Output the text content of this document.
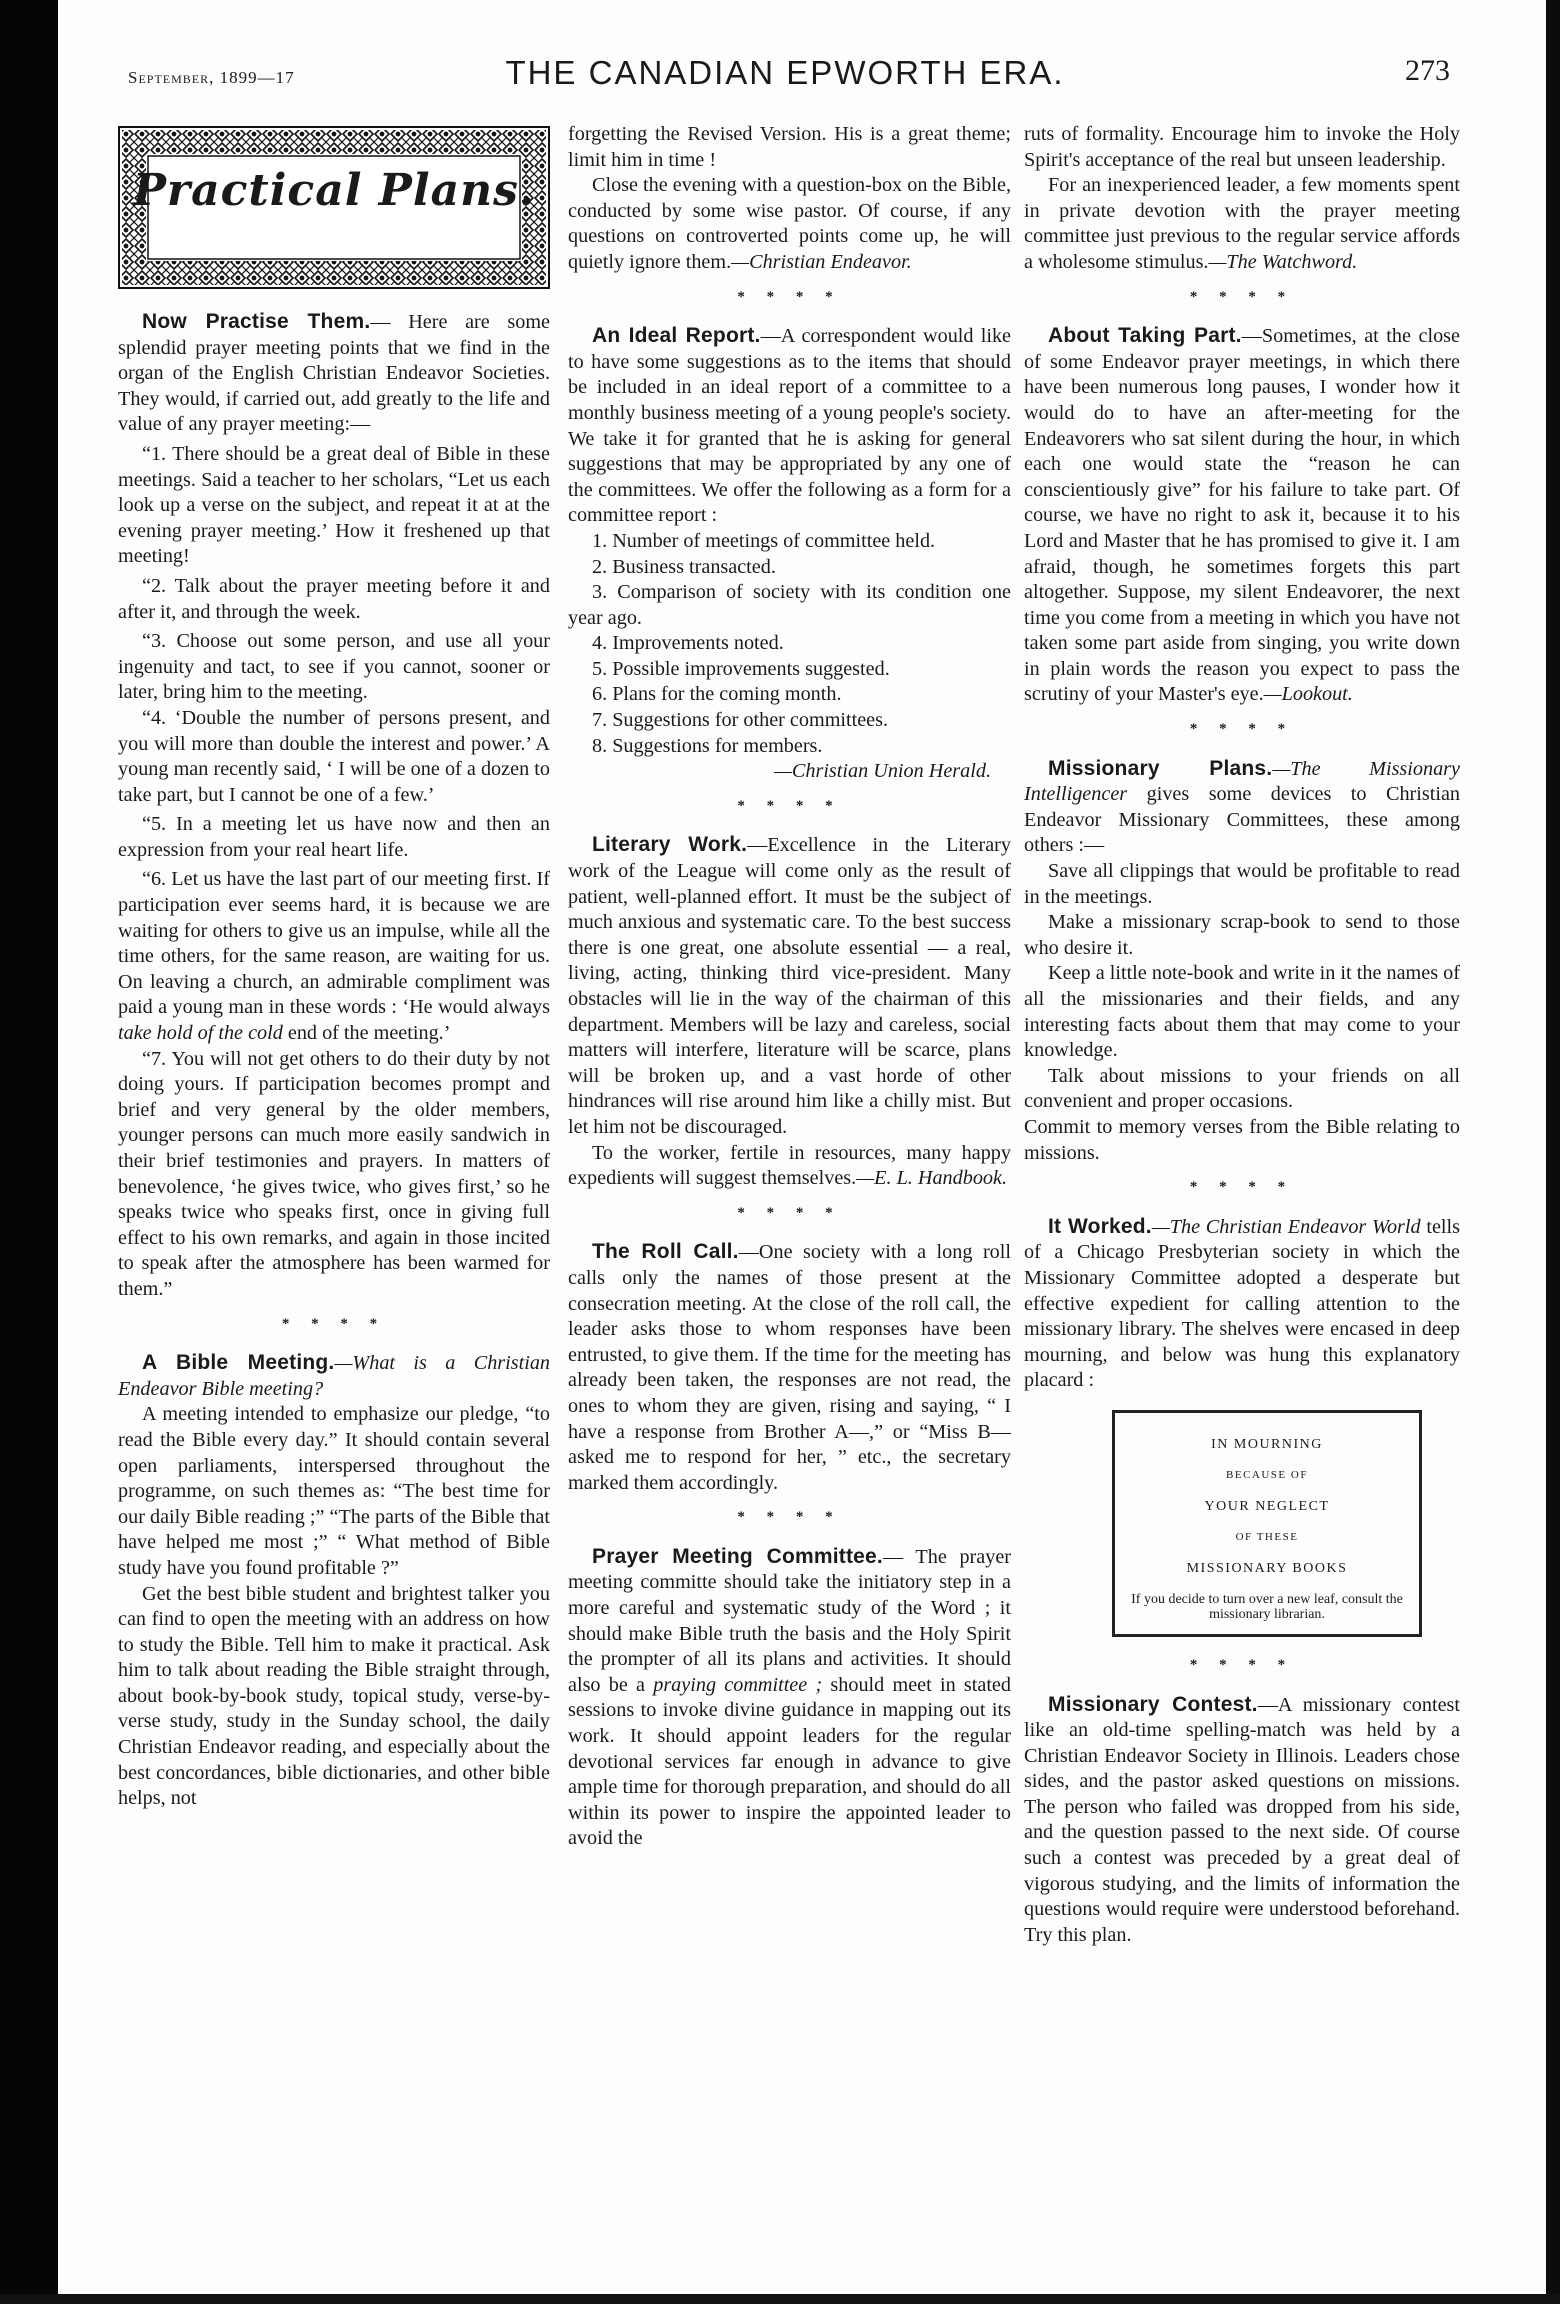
September, 1899—17	THE CANADIAN EPWORTH ERA.	273
Practical Plans.

Now Practise Them.— Here are some splendid prayer meeting points that we find in the organ of the English Christian Endeavor Societies. They would, if carried out, add greatly to the life and value of any prayer meeting:—

“1. There should be a great deal of Bible in these meetings. Said a teacher to her scholars, “Let us each look up a verse on the subject, and repeat it at at the evening prayer meeting.’ How it freshened up that meeting!

“2. Talk about the prayer meeting before it and after it, and through the week.

“3. Choose out some person, and use all your ingenuity and tact, to see if you cannot, sooner or later, bring him to the meeting.

“4. ‘Double the number of persons present, and you will more than double the interest and power.’ A young man recently said, ‘ I will be one of a dozen to take part, but I cannot be one of a few.’

“5. In a meeting let us have now and then an expression from your real heart life.

“6. Let us have the last part of our meeting first. If participation ever seems hard, it is because we are waiting for others to give us an impulse, while all the time others, for the same reason, are waiting for us. On leaving a church, an admirable compliment was paid a young man in these words : ‘He would always take hold of the cold end of the meeting.’

“7. You will not get others to do their duty by not doing yours. If participation becomes prompt and brief and very general by the older members, younger persons can much more easily sandwich in their brief testimonies and prayers. In matters of benevolence, ‘he gives twice, who gives first,’ so he speaks twice who speaks first, once in giving full effect to his own remarks, and again in those incited to speak after the atmosphere has been warmed for them.”

* * * *

A Bible Meeting.—What is a Christian Endeavor Bible meeting?

A meeting intended to emphasize our pledge, “to read the Bible every day.” It should contain several open parliaments, interspersed throughout the programme, on such themes as: “The best time for our daily Bible reading ;” “The parts of the Bible that have helped me most ;” “ What method of Bible study have you found profitable ?”

Get the best bible student and brightest talker you can find to open the meeting with an address on how to study the Bible. Tell him to make it practical. Ask him to talk about reading the Bible straight through, about book-by-book study, topical study, verse-by-verse study, study in the Sunday school, the daily Christian Endeavor reading, and especially about the best concordances, bible dictionaries, and other bible helps, not

forgetting the Revised Version. His is a great theme; limit him in time !

Close the evening with a question-box on the Bible, conducted by some wise pastor. Of course, if any questions on controverted points come up, he will quietly ignore them.—Christian Endeavor.

* * * *

An Ideal Report.—A correspondent would like to have some suggestions as to the items that should be included in an ideal report of a committee to a monthly business meeting of a young people's society. We take it for granted that he is asking for general suggestions that may be appropriated by any one of the committees. We offer the following as a form for a committee report :

1. Number of meetings of committee held.

2. Business transacted.

3. Comparison of society with its condition one year ago.

4. Improvements noted.

5. Possible improvements suggested.

6. Plans for the coming month.

7. Suggestions for other committees.

8. Suggestions for members.

—Christian Union Herald.
* * * *

Literary Work.—Excellence in the Literary work of the League will come only as the result of patient, well-planned effort. It must be the subject of much anxious and systematic care. To the best success there is one great, one absolute essential — a real, living, acting, thinking third vice-president. Many obstacles will lie in the way of the chairman of this department. Members will be lazy and careless, social matters will interfere, literature will be scarce, plans will be broken up, and a vast horde of other hindrances will rise around him like a chilly mist. But let him not be discouraged.

To the worker, fertile in resources, many happy expedients will suggest themselves.—E. L. Handbook.

* * * *

The Roll Call.—One society with a long roll calls only the names of those present at the consecration meeting. At the close of the roll call, the leader asks those to whom responses have been entrusted, to give them. If the time for the meeting has already been taken, the responses are not read, the ones to whom they are given, rising and saying, “ I have a response from Brother A—,” or “Miss B— asked me to respond for her, ” etc., the secretary marked them accordingly.

* * * *

Prayer Meeting Committee.— The prayer meeting committe should take the initiatory step in a more careful and systematic study of the Word ; it should make Bible truth the basis and the Holy Spirit the prompter of all its plans and activities. It should also be a praying committee ; should meet in stated sessions to invoke divine guidance in mapping out its work. It should appoint leaders for the regular devotional services far enough in advance to give ample time for thorough preparation, and should do all within its power to inspire the appointed leader to avoid the

ruts of formality. Encourage him to invoke the Holy Spirit's acceptance of the real but unseen leadership.

For an inexperienced leader, a few moments spent in private devotion with the prayer meeting committee just previous to the regular service affords a wholesome stimulus.—The Watchword.

* * * *

About Taking Part.—Sometimes, at the close of some Endeavor prayer meetings, in which there have been numerous long pauses, I wonder how it would do to have an after-meeting for the Endeavorers who sat silent during the hour, in which each one would state the “reason he can conscientiously give” for his failure to take part. Of course, we have no right to ask it, because it to his Lord and Master that he has promised to give it. I am afraid, though, he sometimes forgets this part altogether. Suppose, my silent Endeavorer, the next time you come from a meeting in which you have not taken some part aside from singing, you write down in plain words the reason you expect to pass the scrutiny of your Master's eye.—Lookout.

* * * *

Missionary Plans.—The Missionary Intelligencer gives some devices to Christian Endeavor Missionary Committees, these among others :—

Save all clippings that would be profitable to read in the meetings.

Make a missionary scrap-book to send to those who desire it.

Keep a little note-book and write in it the names of all the missionaries and their fields, and any interesting facts about them that may come to your knowledge.

Talk about missions to your friends on all convenient and proper occasions.

Commit to memory verses from the Bible relating to missions.

* * * *

It Worked.—The Christian Endeavor World tells of a Chicago Presbyterian society in which the Missionary Committee adopted a desperate but effective expedient for calling attention to the missionary library. The shelves were encased in deep mourning, and below was hung this explanatory placard :

IN MOURNING
BECAUSE OF
YOUR NEGLECT
OF THESE
MISSIONARY BOOKS
If you decide to turn over a new leaf, consult the missionary librarian.
* * * *

Missionary Contest.—A missionary contest like an old-time spelling-match was held by a Christian Endeavor Society in Illinois. Leaders chose sides, and the pastor asked questions on missions. The person who failed was dropped from his side, and the question passed to the next side. Of course such a contest was preceded by a great deal of vigorous studying, and the limits of information the questions would require were understood beforehand. Try this plan.
